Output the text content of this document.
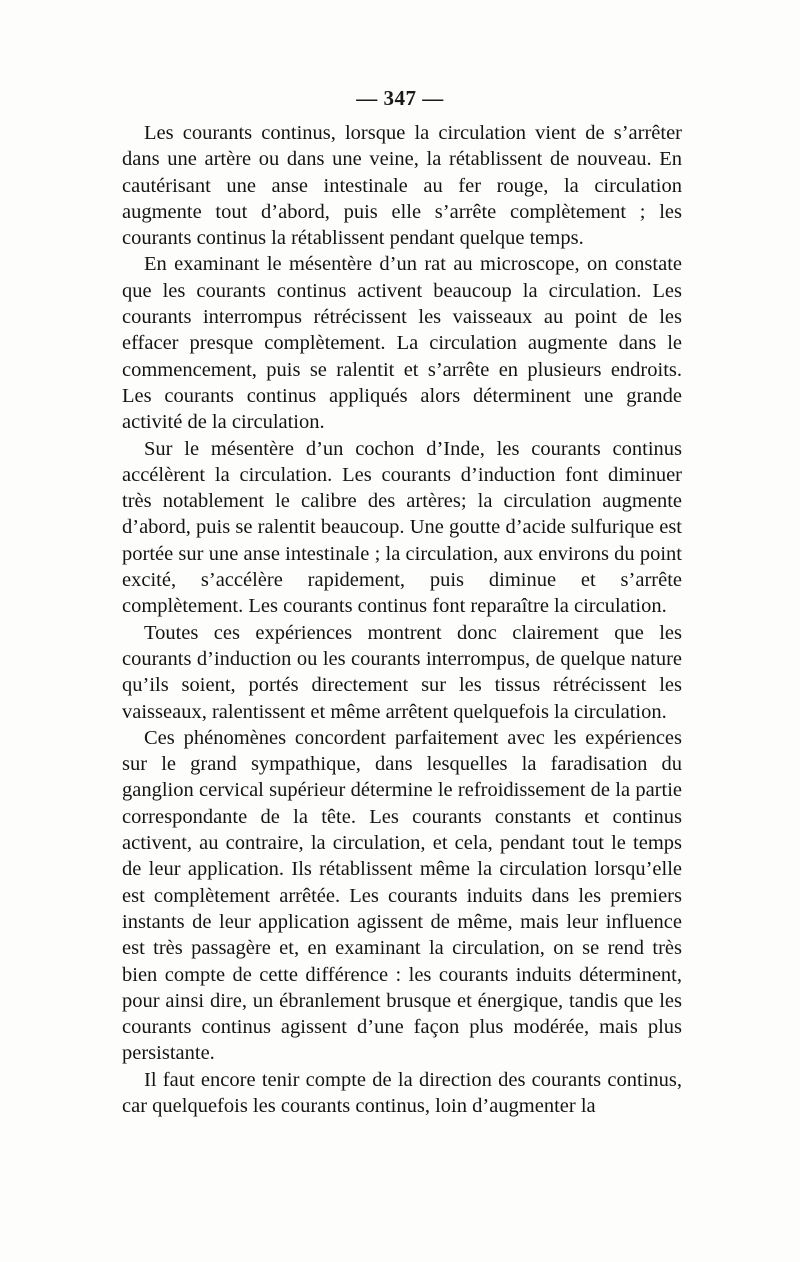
— 347 —

Les courants continus, lorsque la circulation vient de s’arrêter dans une artère ou dans une veine, la rétablissent de nouveau. En cautérisant une anse intestinale au fer rouge, la circulation augmente tout d’abord, puis elle s’arrête complètement ; les courants continus la rétablissent pendant quelque temps.

En examinant le mésentère d’un rat au microscope, on constate que les courants continus activent beaucoup la circulation. Les courants interrompus rétrécissent les vaisseaux au point de les effacer presque complètement. La circulation augmente dans le commencement, puis se ralentit et s’arrête en plusieurs endroits. Les courants continus appliqués alors déterminent une grande activité de la circulation.

Sur le mésentère d’un cochon d’Inde, les courants continus accélèrent la circulation. Les courants d’induction font diminuer très notablement le calibre des artères; la circulation augmente d’abord, puis se ralentit beaucoup. Une goutte d’acide sulfurique est portée sur une anse intestinale ; la circulation, aux environs du point excité, s’accélère rapidement, puis diminue et s’arrête complètement. Les courants continus font reparaître la circulation.

Toutes ces expériences montrent donc clairement que les courants d’induction ou les courants interrompus, de quelque nature qu’ils soient, portés directement sur les tissus rétrécissent les vaisseaux, ralentissent et même arrêtent quelquefois la circulation.

Ces phénomènes concordent parfaitement avec les expériences sur le grand sympathique, dans lesquelles la faradisation du ganglion cervical supérieur détermine le refroidissement de la partie correspondante de la tête. Les courants constants et continus activent, au contraire, la circulation, et cela, pendant tout le temps de leur application. Ils rétablissent même la circulation lorsqu’elle est complètement arrêtée. Les courants induits dans les premiers instants de leur application agissent de même, mais leur influence est très passagère et, en examinant la circulation, on se rend très bien compte de cette différence : les courants induits déterminent, pour ainsi dire, un ébranlement brusque et énergique, tandis que les courants continus agissent d’une façon plus modérée, mais plus persistante.

Il faut encore tenir compte de la direction des courants continus, car quelquefois les courants continus, loin d’augmenter la
